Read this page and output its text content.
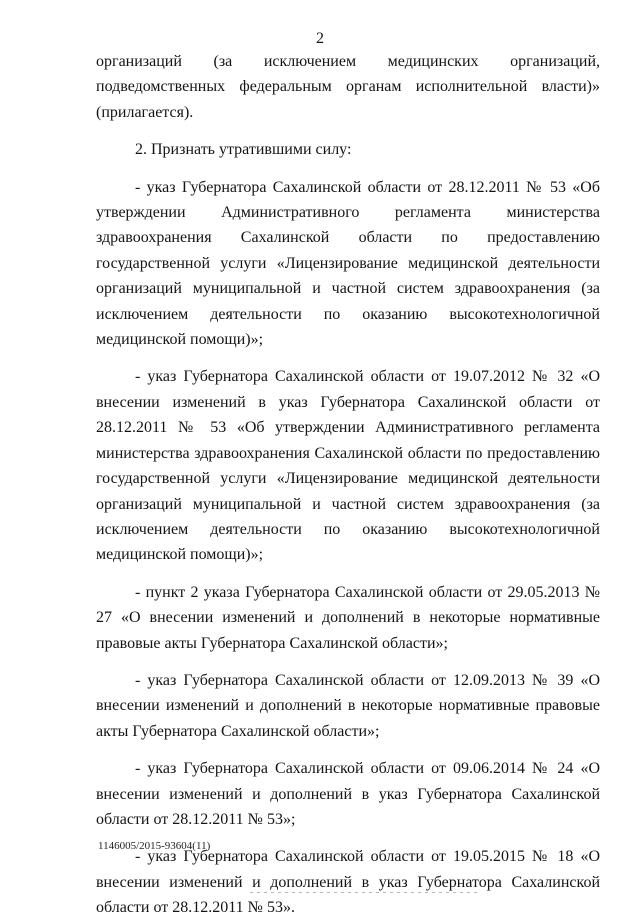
2

организаций (за исключением медицинских организаций, подведомственных федеральным органам исполнительной власти)» (прилагается).

2. Признать утратившими силу:

- указ Губернатора Сахалинской области от 28.12.2011 № 53 «Об утверждении Административного регламента министерства здравоохранения Сахалинской области по предоставлению государственной услуги «Лицензирование медицинской деятельности организаций муниципальной и частной систем здравоохранения (за исключением деятельности по оказанию высокотехнологичной медицинской помощи)»;

- указ Губернатора Сахалинской области от 19.07.2012 № 32 «О внесении изменений в указ Губернатора Сахалинской области от 28.12.2011 № 53 «Об утверждении Административного регламента министерства здравоохранения Сахалинской области по предоставлению государственной услуги «Лицензирование медицинской деятельности организаций муниципальной и частной систем здравоохранения (за исключением деятельности по оказанию высокотехнологичной медицинской помощи)»;

- пункт 2 указа Губернатора Сахалинской области от 29.05.2013 № 27 «О внесении изменений и дополнений в некоторые нормативные правовые акты Губернатора Сахалинской области»;

- указ Губернатора Сахалинской области от 12.09.2013 № 39 «О внесении изменений и дополнений в некоторые нормативные правовые акты Губернатора Сахалинской области»;

- указ Губернатора Сахалинской области от 09.06.2014 № 24 «О внесении изменений и дополнений в указ Губернатора Сахалинской области от 28.12.2011 № 53»;

- указ Губернатора Сахалинской области от 19.05.2015 № 18 «О внесении изменений и дополнений в указ Губернатора Сахалинской области от 28.12.2011 № 53».

1146005/2015-93604(11)
